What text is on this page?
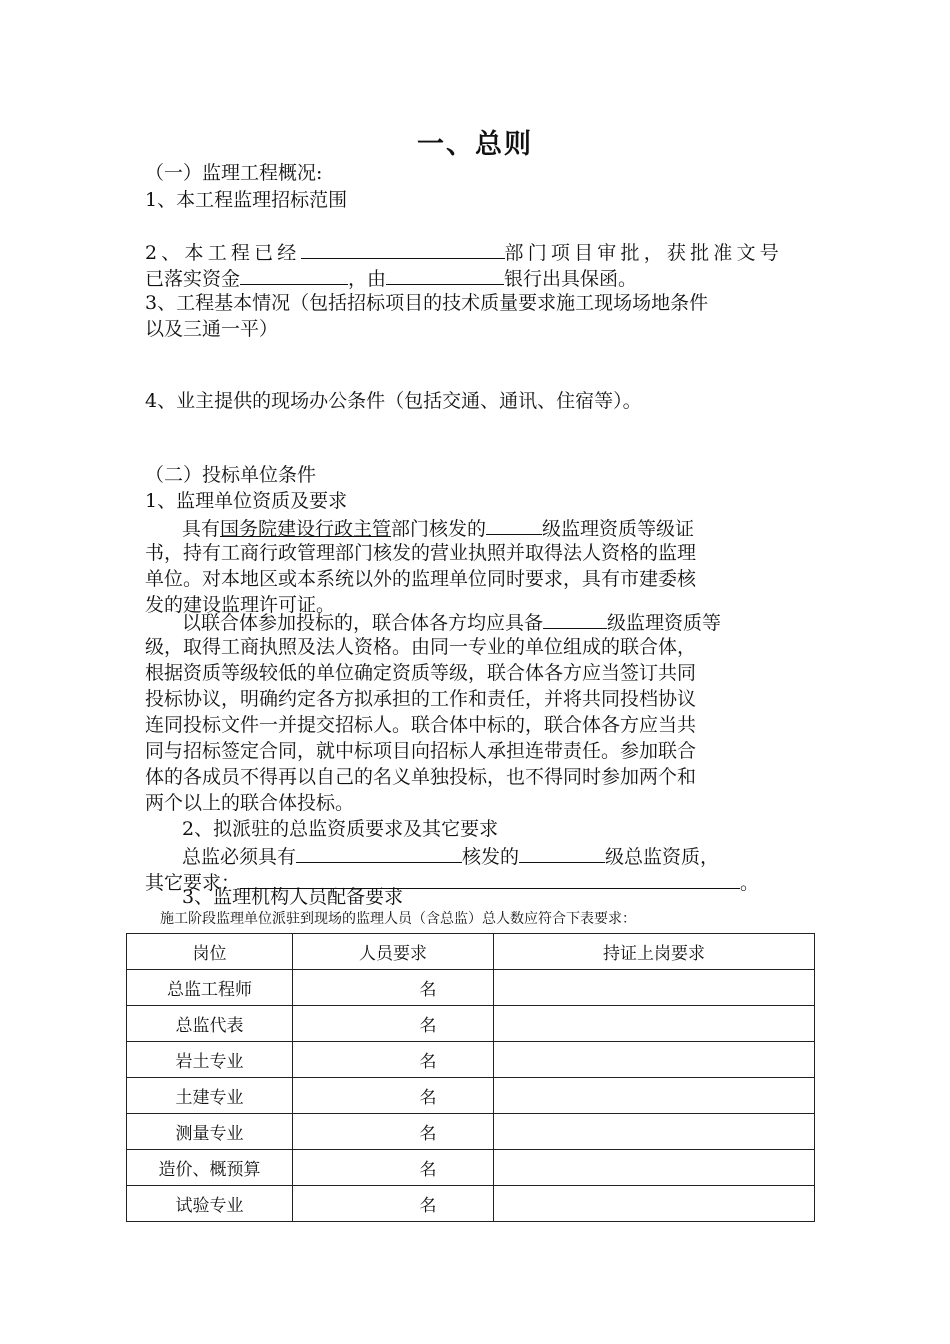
一、总则
（一）监理工程概况:
1、本工程监理招标范围
2、本工程已经	部门项目审批，获批准文号
已落实资金	，由	银行出具保函。
3、工程基本情况（包括招标项目的技术质量要求施工现场场地条件
以及三通一平）
4、业主提供的现场办公条件（包括交通、通讯、住宿等）。
（二）投标单位条件
1、监理单位资质及要求
具有国务院建设行政主管部门核发的	级监理资质等级证
书，持有工商行政管理部门核发的营业执照并取得法人资格的监理
单位。对本地区或本系统以外的监理单位同时要求，具有市建委核
发的建设监理许可证。
以联合体参加投标的，联合体各方均应具备	级监理资质等
级，取得工商执照及法人资格。由同一专业的单位组成的联合体，
根据资质等级较低的单位确定资质等级，联合体各方应当签订共同
投标协议，明确约定各方拟承担的工作和责任，并将共同投档协议
连同投标文件一并提交招标人。联合体中标的，联合体各方应当共
同与招标签定合同，就中标项目向招标人承担连带责任。参加联合
体的各成员不得再以自己的名义单独投标，也不得同时参加两个和
两个以上的联合体投标。
2、拟派驻的总监资质要求及其它要求
总监必须具有	核发的	级总监资质，
其它要求：	。
3、监理机构人员配备要求
施工阶段监理单位派驻到现场的监理人员（含总监）总人数应符合下表要求：
岗位	人员要求	持证上岗要求
总监工程师	名	
总监代表	名	
岩土专业	名	
土建专业	名	
测量专业	名	
造价、概预算	名	
试验专业	名	
